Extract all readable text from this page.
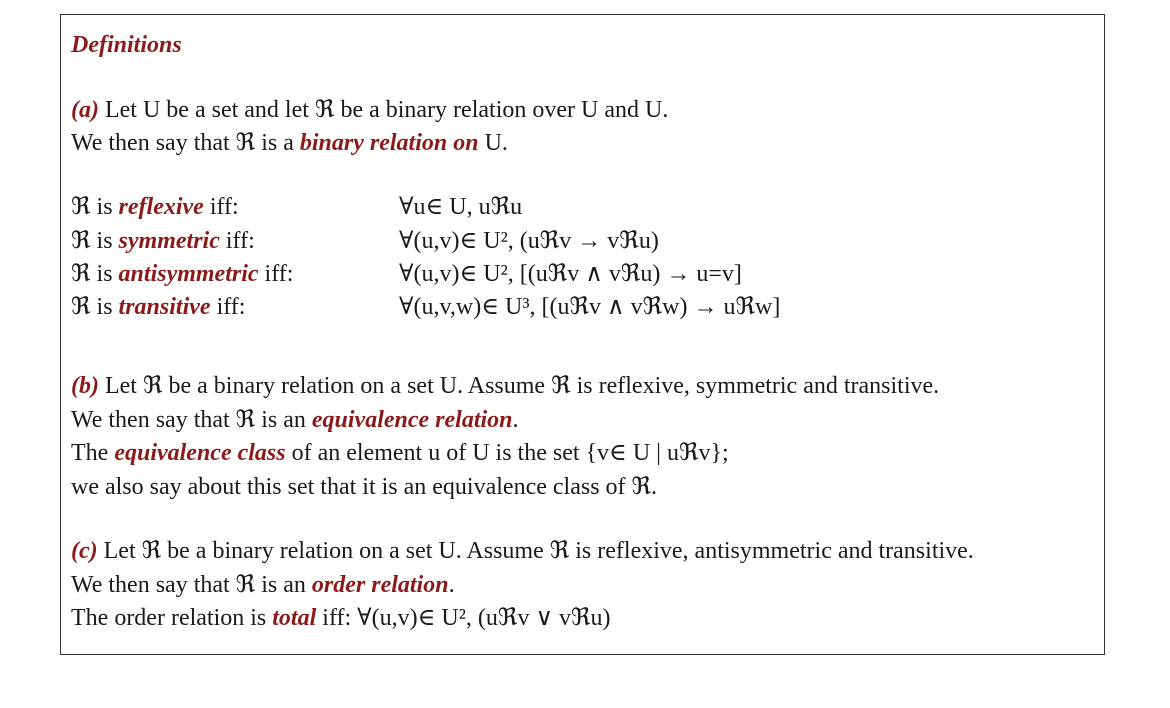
Definitions
(a) Let U be a set and let ℜ be a binary relation over U and U.
We then say that ℜ is a binary relation on U.
ℜ is reflexive iff:	∀u∈ U, uℜu
ℜ is symmetric iff:	∀(u,v)∈ U², (uℜv → vℜu)
ℜ is antisymmetric iff:	∀(u,v)∈ U², [(uℜv ∧ vℜu) → u=v]
ℜ is transitive iff:	∀(u,v,w)∈ U³, [(uℜv ∧ vℜw) → uℜw]
(b) Let ℜ be a binary relation on a set U. Assume ℜ is reflexive, symmetric and transitive.
We then say that ℜ is an equivalence relation.
The equivalence class of an element u of U is the set {v∈ U | uℜv};
we also say about this set that it is an equivalence class of ℜ.
(c) Let ℜ be a binary relation on a set U. Assume ℜ is reflexive, antisymmetric and transitive.
We then say that ℜ is an order relation.
The order relation is total iff: ∀(u,v)∈ U², (uℜv ∨ vℜu)
